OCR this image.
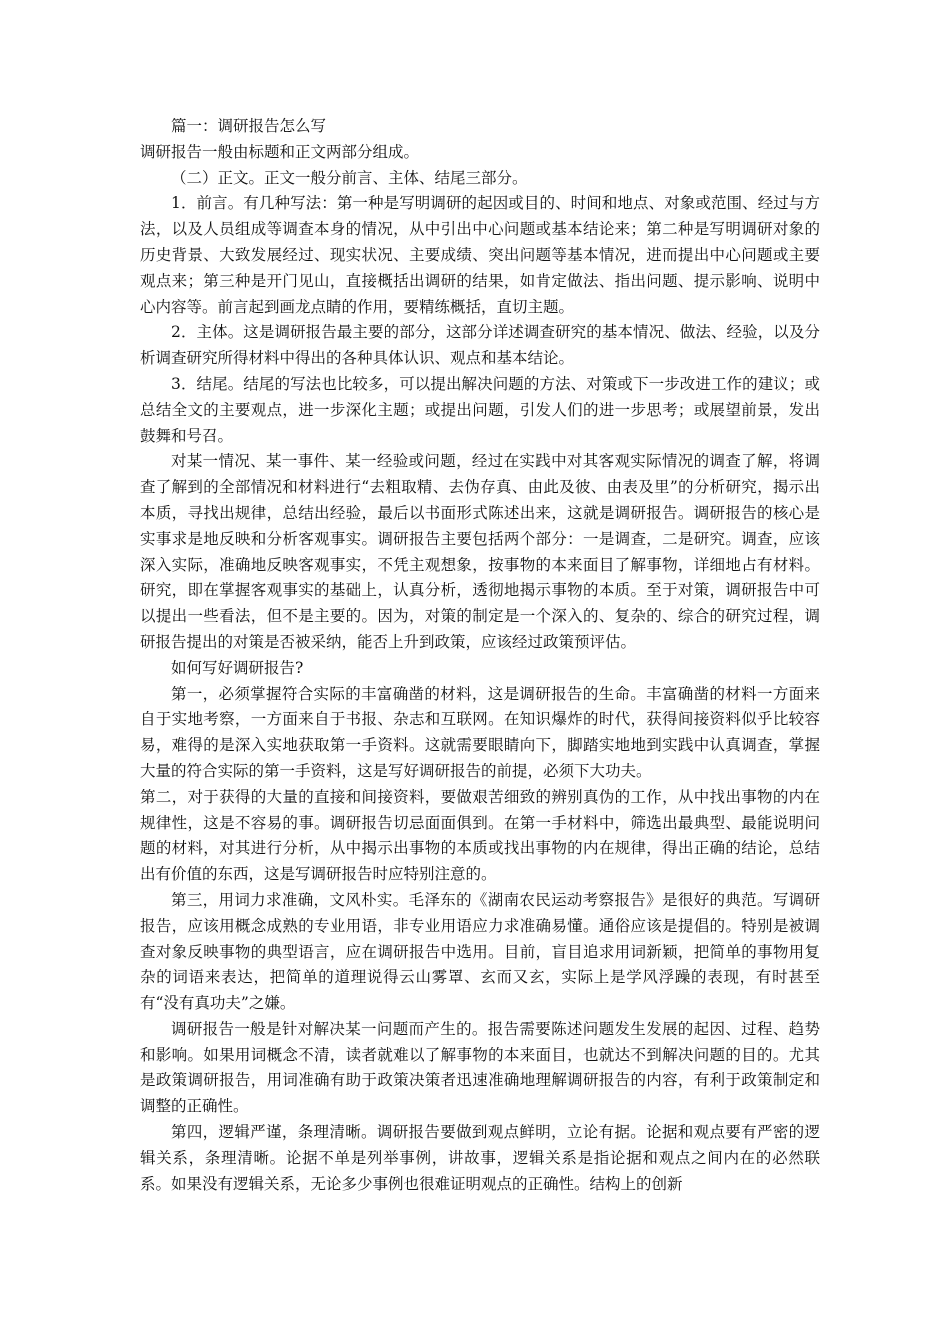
篇一：调研报告怎么写

调研报告一般由标题和正文两部分组成。

（二）正文。正文一般分前言、主体、结尾三部分。

1．前言。有几种写法：第一种是写明调研的起因或目的、时间和地点、对象或范围、经过与方法，以及人员组成等调查本身的情况，从中引出中心问题或基本结论来；第二种是写明调研对象的历史背景、大致发展经过、现实状况、主要成绩、突出问题等基本情况，进而提出中心问题或主要观点来；第三种是开门见山，直接概括出调研的结果，如肯定做法、指出问题、提示影响、说明中心内容等。前言起到画龙点睛的作用，要精练概括，直切主题。

2．主体。这是调研报告最主要的部分，这部分详述调查研究的基本情况、做法、经验，以及分析调查研究所得材料中得出的各种具体认识、观点和基本结论。

3．结尾。结尾的写法也比较多，可以提出解决问题的方法、对策或下一步改进工作的建议；或总结全文的主要观点，进一步深化主题；或提出问题，引发人们的进一步思考；或展望前景，发出鼓舞和号召。

对某一情况、某一事件、某一经验或问题，经过在实践中对其客观实际情况的调查了解，将调查了解到的全部情况和材料进行“去粗取精、去伪存真、由此及彼、由表及里”的分析研究，揭示出本质，寻找出规律，总结出经验，最后以书面形式陈述出来，这就是调研报告。调研报告的核心是实事求是地反映和分析客观事实。调研报告主要包括两个部分：一是调查，二是研究。调查，应该深入实际，准确地反映客观事实，不凭主观想象，按事物的本来面目了解事物，详细地占有材料。研究，即在掌握客观事实的基础上，认真分析，透彻地揭示事物的本质。至于对策，调研报告中可以提出一些看法，但不是主要的。因为，对策的制定是一个深入的、复杂的、综合的研究过程，调研报告提出的对策是否被采纳，能否上升到政策，应该经过政策预评估。

如何写好调研报告?

第一，必须掌握符合实际的丰富确凿的材料，这是调研报告的生命。丰富确凿的材料一方面来自于实地考察，一方面来自于书报、杂志和互联网。在知识爆炸的时代，获得间接资料似乎比较容易，难得的是深入实地获取第一手资料。这就需要眼睛向下，脚踏实地地到实践中认真调查，掌握大量的符合实际的第一手资料，这是写好调研报告的前提，必须下大功夫。

第二，对于获得的大量的直接和间接资料，要做艰苦细致的辨别真伪的工作，从中找出事物的内在规律性，这是不容易的事。调研报告切忌面面俱到。在第一手材料中，筛选出最典型、最能说明问题的材料，对其进行分析，从中揭示出事物的本质或找出事物的内在规律，得出正确的结论，总结出有价值的东西，这是写调研报告时应特别注意的。

第三，用词力求准确，文风朴实。毛泽东的《湖南农民运动考察报告》是很好的典范。写调研报告，应该用概念成熟的专业用语，非专业用语应力求准确易懂。通俗应该是提倡的。特别是被调查对象反映事物的典型语言，应在调研报告中选用。目前，盲目追求用词新颖，把简单的事物用复杂的词语来表达，把简单的道理说得云山雾罩、玄而又玄，实际上是学风浮躁的表现，有时甚至有“没有真功夫”之嫌。

调研报告一般是针对解决某一问题而产生的。报告需要陈述问题发生发展的起因、过程、趋势和影响。如果用词概念不清，读者就难以了解事物的本来面目，也就达不到解决问题的目的。尤其是政策调研报告，用词准确有助于政策决策者迅速准确地理解调研报告的内容，有利于政策制定和调整的正确性。

第四，逻辑严谨，条理清晰。调研报告要做到观点鲜明，立论有据。论据和观点要有严密的逻辑关系，条理清晰。论据不单是列举事例，讲故事，逻辑关系是指论据和观点之间内在的必然联系。如果没有逻辑关系，无论多少事例也很难证明观点的正确性。结构上的创新
